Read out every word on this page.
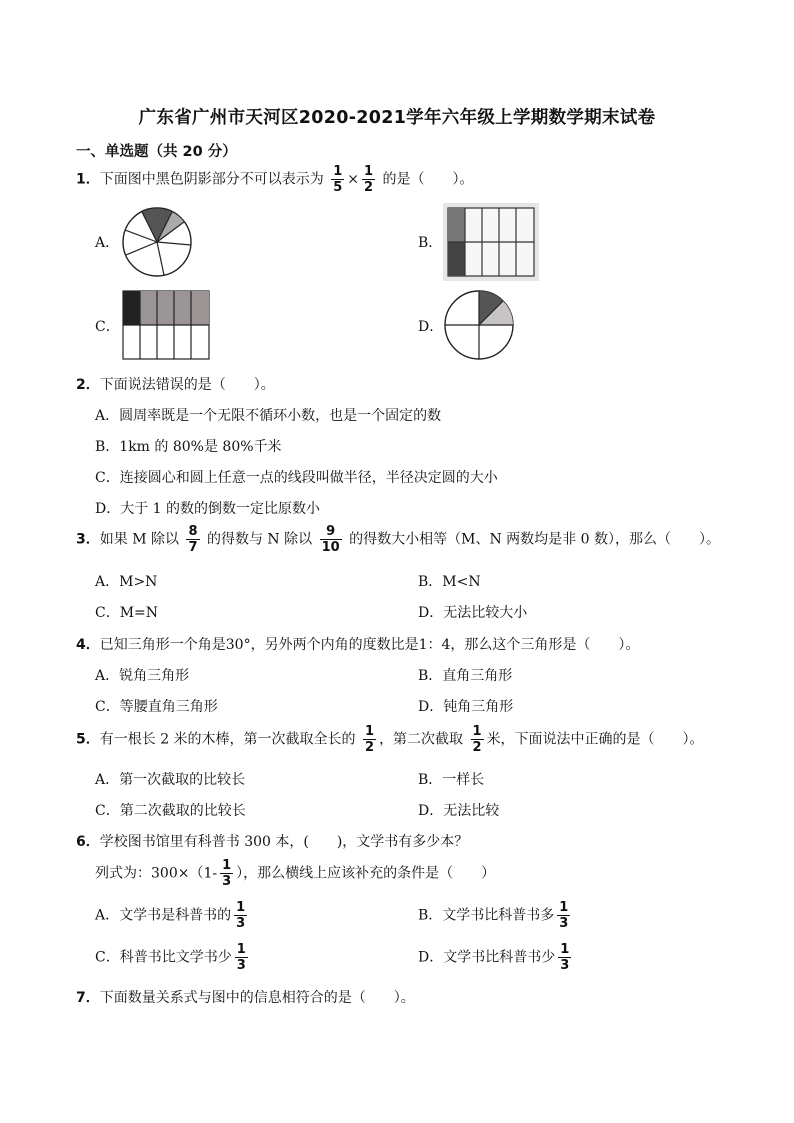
广东省广州市天河区2020-2021学年六年级上学期数学期末试卷
一、单选题（共 20 分）
1．下面图中黑色阴影部分不可以表示为 $\frac{1}{5} \times \frac{1}{2}$ 的是（　　）。
A．	B．
C．	D．
2．下面说法错误的是（　　）。
A．圆周率既是一个无限不循环小数，也是一个固定的数
B．1km 的 80%是 80%千米
C．连接圆心和圆上任意一点的线段叫做半径，半径决定圆的大小
D．大于 1 的数的倒数一定比原数小
3．如果 M 除以 $\frac{8}{7}$ 的得数与 N 除以 $\frac{9}{10}$ 的得数大小相等（M、N 两数均是非 0 数），那么（　　）。
A．M>N	B．M<N
C．M=N	D．无法比较大小
4．已知三角形一个角是30°，另外两个内角的度数比是1：4，那么这个三角形是（　　）。
A．锐角三角形	B．直角三角形
C．等腰直角三角形	D．钝角三角形
5．有一根长 2 米的木棒，第一次截取全长的 $\frac{1}{2}$ ，第二次截取 $\frac{1}{2}$ 米，下面说法中正确的是（　　）。
A．第一次截取的比较长	B．一样长
C．第二次截取的比较长	D．无法比较
6．学校图书馆里有科普书 300 本，(　　)，文学书有多少本？
列式为：$300\times(1- \frac{1}{3}$ ），那么横线上应该补充的条件是（　　）
A．文学书是科普书的 $\frac{1}{3}$	B．文学书比科普书多 $\frac{1}{3}$
C．科普书比文学书少 $\frac{1}{3}$	D．文学书比科普书少 $\frac{1}{3}$
7．下面数量关系式与图中的信息相符合的是（　　）。
